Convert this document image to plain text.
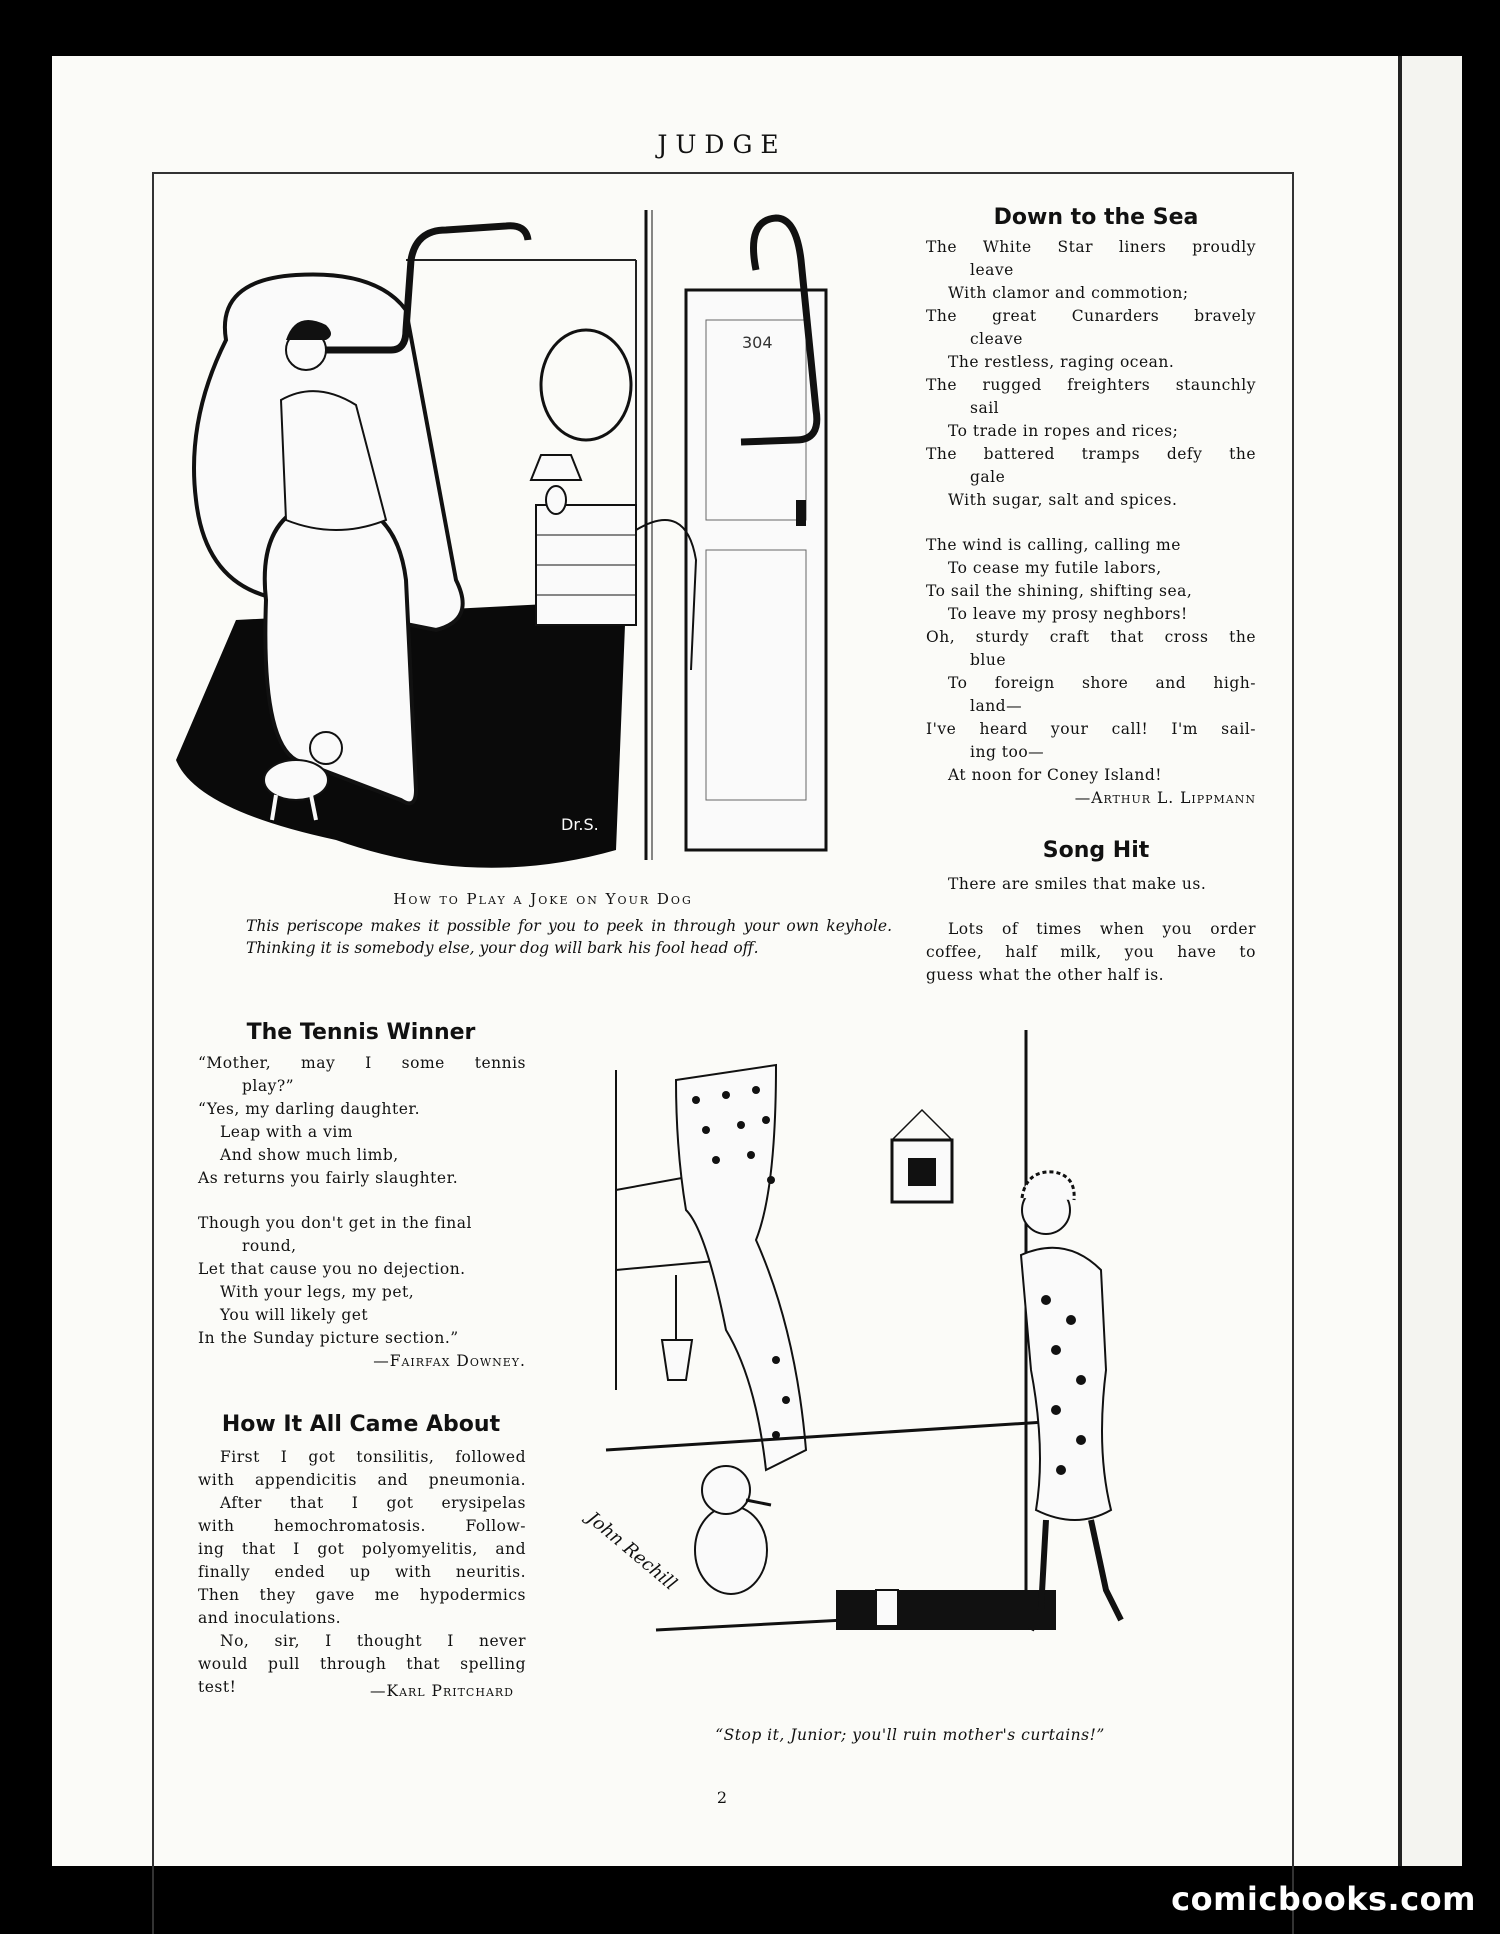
JUDGE
304
Dr.S.
How to Play a Joke on Your Dog
This periscope makes it possible for you to peek in through your own keyhole. Thinking it is somebody else, your dog will bark his fool head off.
Down to the Sea

The White Star liners proudly

leave

With clamor and commotion;

The great Cunarders bravely

cleave

The restless, raging ocean.

The rugged freighters staunchly

sail

To trade in ropes and rices;

The battered tramps defy the

gale

With sugar, salt and spices.

The wind is calling, calling me

To cease my futile labors,

To sail the shining, shifting sea,

To leave my prosy neghbors!

Oh, sturdy craft that cross the

blue

To foreign shore and high-

land—

I've heard your call! I'm sail-

ing too—

At noon for Coney Island!

—Arthur L. Lippmann

Song Hit

There are smiles that make us.

Lots of times when you order

coffee, half milk, you have to

guess what the other half is.

The Tennis Winner

“Mother, may I some tennis

play?”

“Yes, my darling daughter.

Leap with a vim

And show much limb,

As returns you fairly slaughter.

Though you don't get in the final

round,

Let that cause you no dejection.

With your legs, my pet,

You will likely get

In the Sunday picture section.”

—Fairfax Downey.

How It All Came About

First I got tonsilitis, followed

with appendicitis and pneumonia.

After that I got erysipelas

with hemochromatosis. Follow-

ing that I got polyomyelitis, and

finally ended up with neuritis.

Then they gave me hypodermics

and inoculations.

No, sir, I thought I never

would pull through that spelling

test!	—Karl Pritchard

John Rechill
“Stop it, Junior; you'll ruin mother's curtains!”
2
comicbooks.com
